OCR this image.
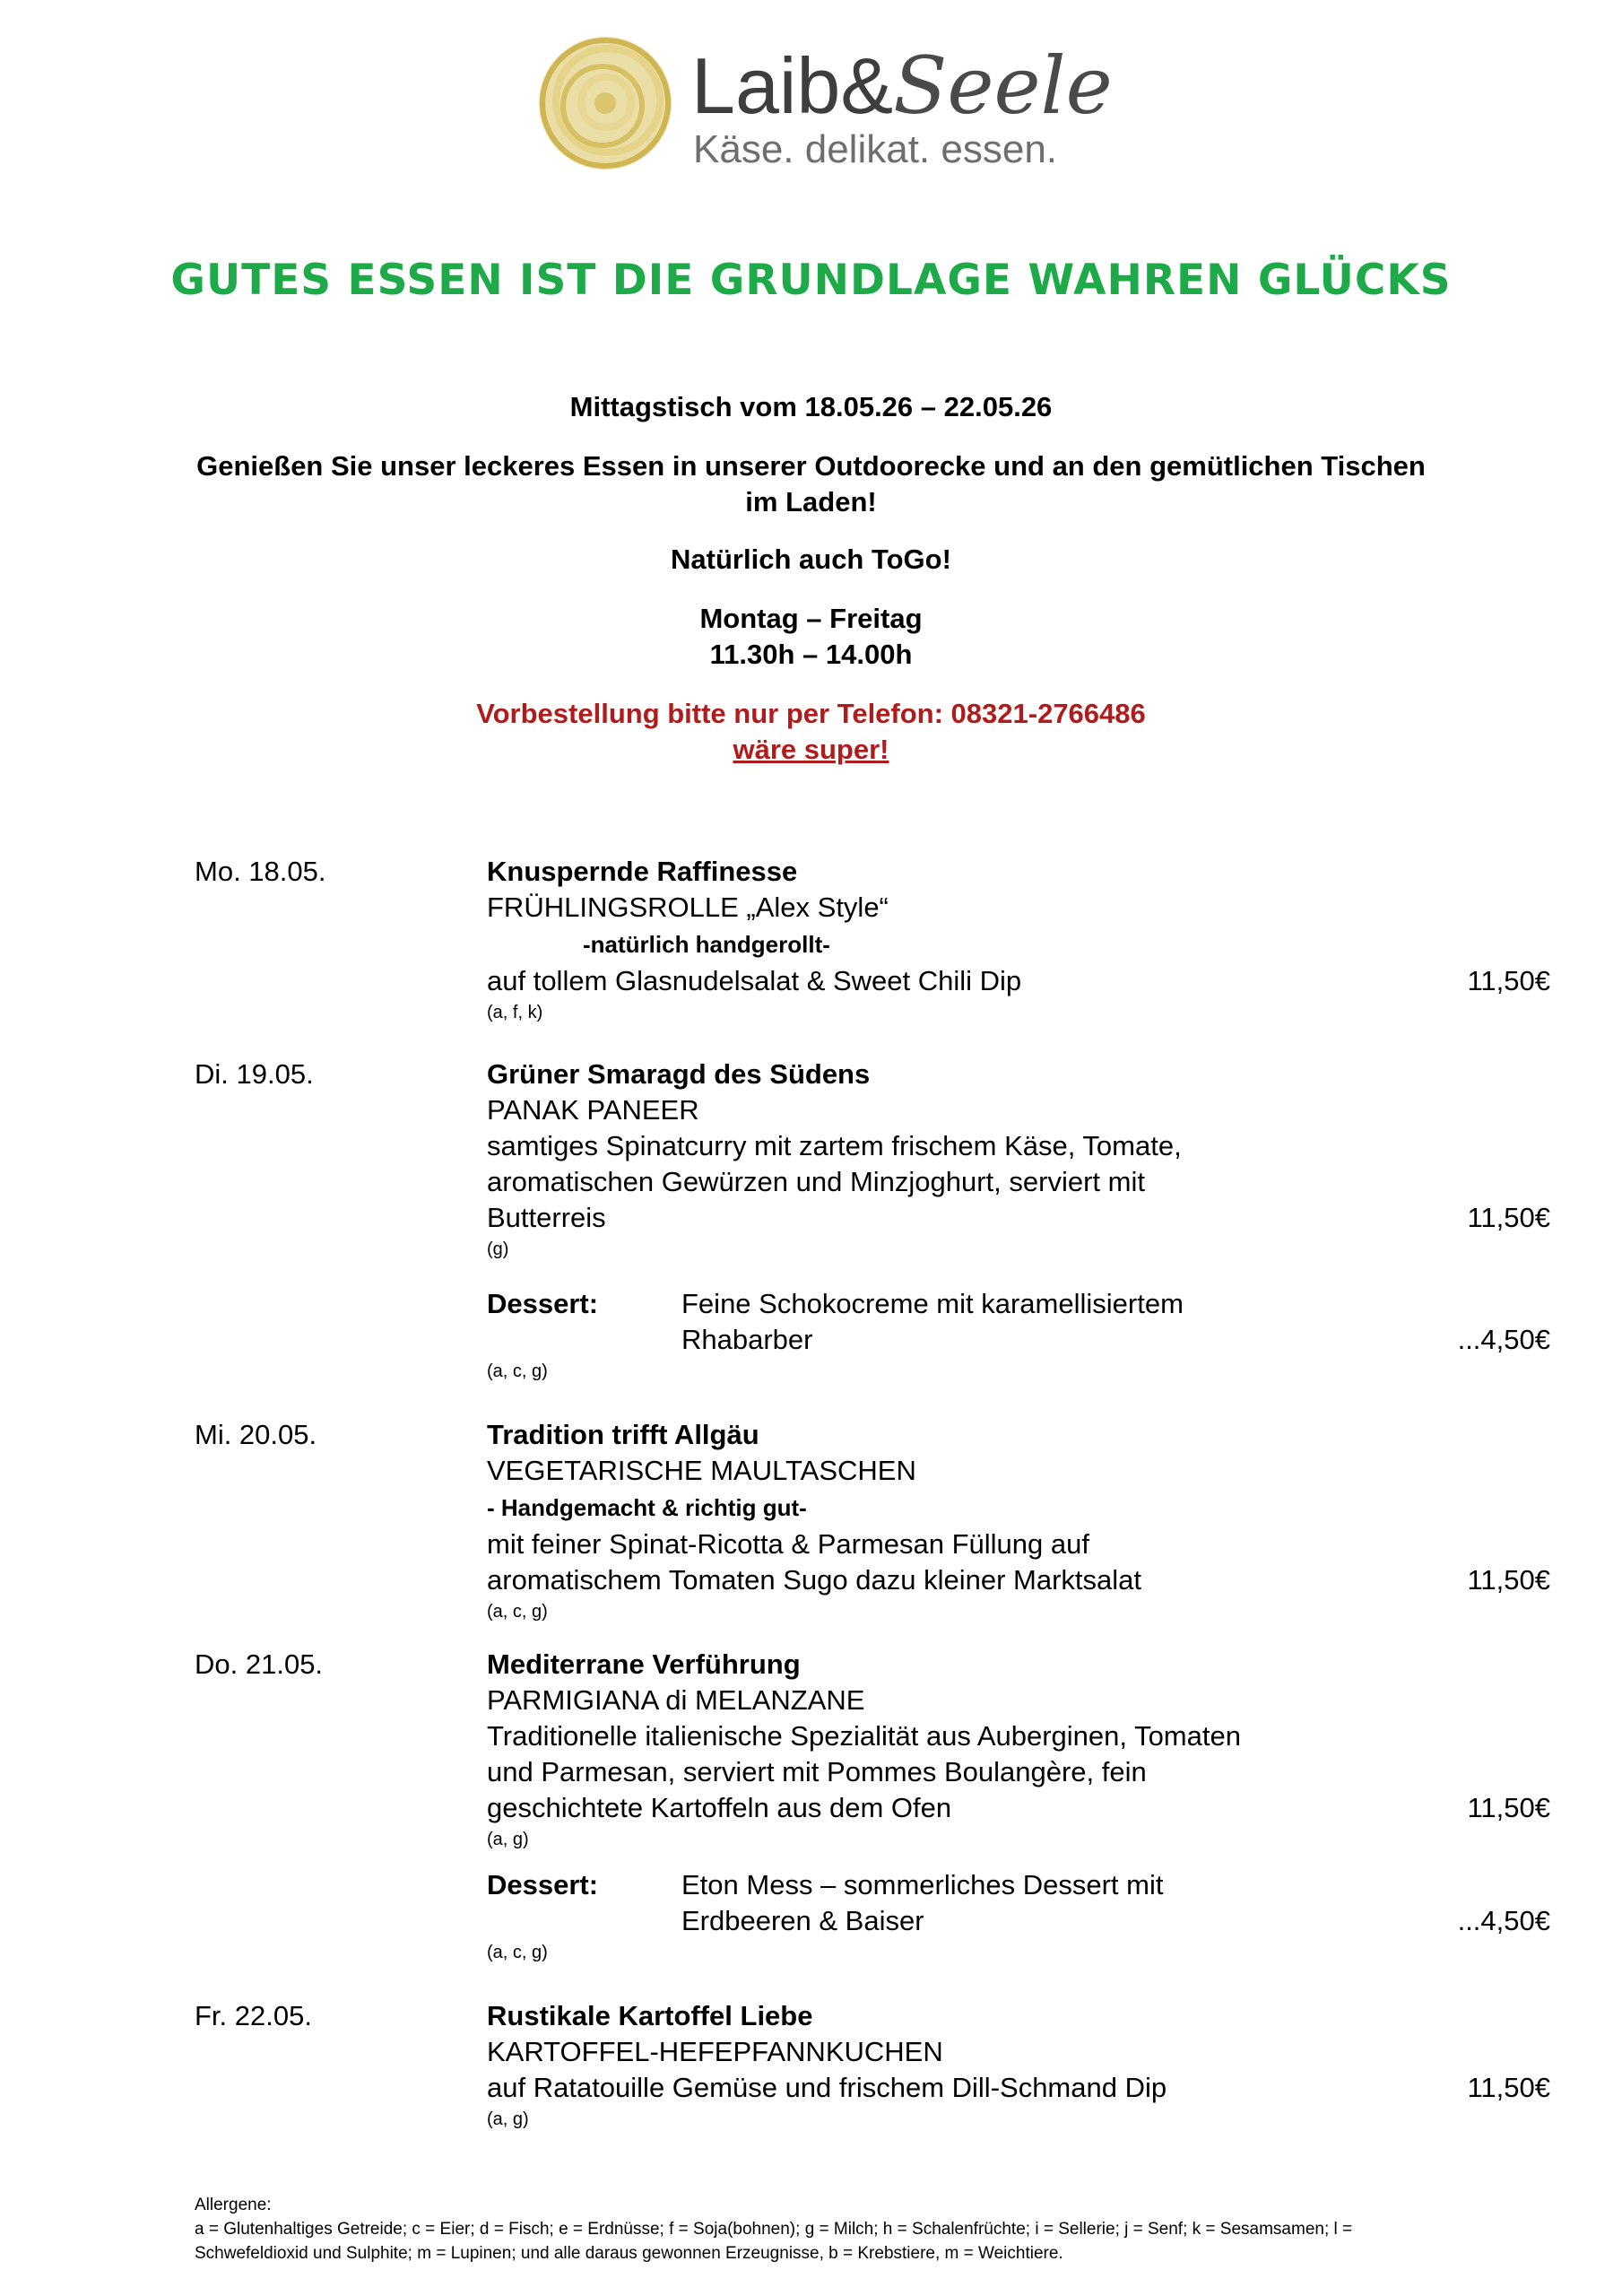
Laib&Seele
Käse. delikat. essen.
GUTES ESSEN IST DIE GRUNDLAGE WAHREN GLÜCKS
Mittagstisch vom 18.05.26 – 22.05.26
Genießen Sie unser leckeres Essen in unserer Outdoorecke und an den gemütlichen Tischen
im Laden!
Natürlich auch ToGo!
Montag – Freitag
11.30h – 14.00h
Vorbestellung bitte nur per Telefon: 08321-2766486
wäre super!
Mo. 18.05.	Knuspernde Raffinesse
FRÜHLINGSROLLE „Alex Style“
-natürlich handgerollt-
auf tollem Glasnudelsalat & Sweet Chili Dip	11,50€
(a, f, k)
Di. 19.05.	Grüner Smaragd des Südens
PANAK PANEER
samtiges Spinatcurry mit zartem frischem Käse, Tomate,
aromatischen Gewürzen und Minzjoghurt, serviert mit
Butterreis	11,50€
(g)
Dessert:	Feine Schokocreme mit karamellisiertem
Rhabarber	...4,50€
(a, c, g)
Mi. 20.05.	Tradition trifft Allgäu
VEGETARISCHE MAULTASCHEN
- Handgemacht & richtig gut-
mit feiner Spinat-Ricotta & Parmesan Füllung auf
aromatischem Tomaten Sugo dazu kleiner Marktsalat	11,50€
(a, c, g)
Do. 21.05.	Mediterrane Verführung
PARMIGIANA di MELANZANE
Traditionelle italienische Spezialität aus Auberginen, Tomaten
und Parmesan, serviert mit Pommes Boulangère, fein
geschichtete Kartoffeln aus dem Ofen	11,50€
(a, g)
Dessert:	Eton Mess – sommerliches Dessert mit
Erdbeeren & Baiser	...4,50€
(a, c, g)
Fr. 22.05.	Rustikale Kartoffel Liebe
KARTOFFEL-HEFEPFANNKUCHEN
auf Ratatouille Gemüse und frischem Dill-Schmand Dip	11,50€
(a, g)
Allergene:
a = Glutenhaltiges Getreide; c = Eier; d = Fisch; e = Erdnüsse; f = Soja(bohnen); g = Milch; h = Schalenfrüchte; i = Sellerie; j = Senf; k = Sesamsamen; l =
Schwefeldioxid und Sulphite; m = Lupinen; und alle daraus gewonnen Erzeugnisse, b = Krebstiere, m = Weichtiere.
